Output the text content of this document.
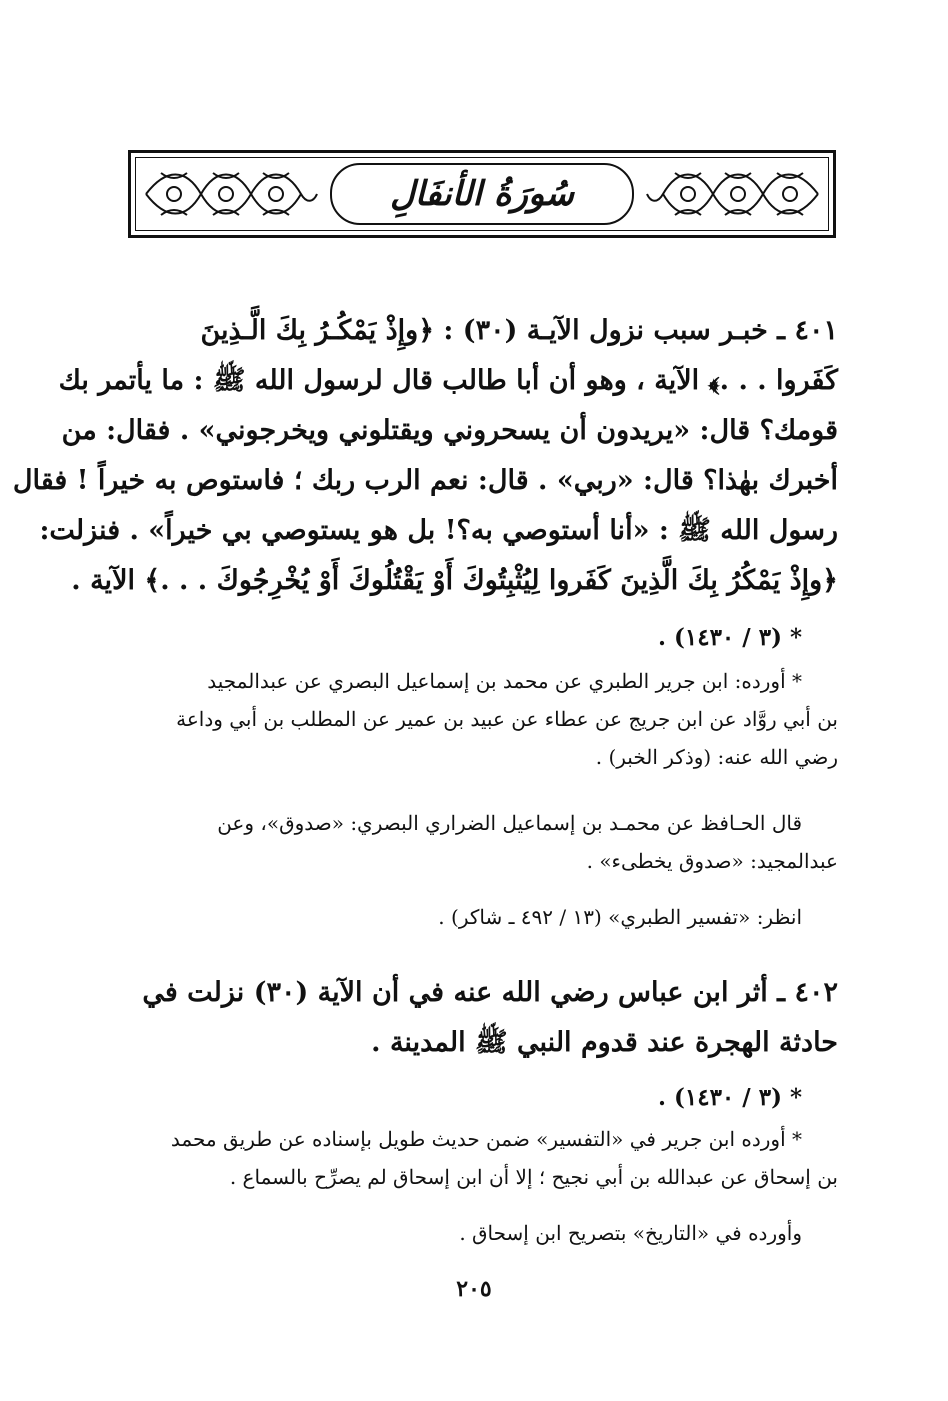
سُورَةُ الأنفَالِ
٤٠١ ـ خبـر سبب نزول الآيـة (٣٠) : ﴿وإِذْ يَمْكُـرُ بِكَ الَّـذِينَ
كَفَروا . . .﴾ الآية ، وهو أن أبا طالب قال لرسول الله ﷺ : ما يأتمر بك
قومك؟ قال: «يريدون أن يسحروني ويقتلوني ويخرجوني» . فقال: من
أخبرك بهٰذا؟ قال: «ربي» . قال: نعم الرب ربك ؛ فاستوص به خيراً ! فقال
رسول الله ﷺ : «أنا أستوصي به؟! بل هو يستوصي بي خيراً» . فنزلت:
﴿وإِذْ يَمْكُرُ بِكَ الَّذِينَ كَفَروا لِيُثْبِتُوكَ أَوْ يَقْتُلُوكَ أَوْ يُخْرِجُوكَ . . .﴾ الآية .
* (٣ / ١٤٣٠) .
* أورده: ابن جرير الطبري عن محمد بن إسماعيل البصري عن عبدالمجيد
بن أبي روَّاد عن ابن جريج عن عطاء عن عبيد بن عمير عن المطلب بن أبي وداعة
رضي الله عنه: (وذكر الخبر) .
قال الحـافظ عن محمـد بن إسماعيل الضراري البصري: «صدوق»، وعن
عبدالمجيد: «صدوق يخطىء» .
انظر: «تفسير الطبري» (١٣ / ٤٩٢ ـ شاكر) .
٤٠٢ ـ أثر ابن عباس رضي الله عنه في أن الآية (٣٠) نزلت في
حادثة الهجرة عند قدوم النبي ﷺ المدينة .
* (٣ / ١٤٣٠) .
* أورده ابن جرير في «التفسير» ضمن حديث طويل بإسناده عن طريق محمد
بن إسحاق عن عبدالله بن أبي نجيح ؛ إلا أن ابن إسحاق لم يصرِّح بالسماع .
وأورده في «التاريخ» بتصريح ابن إسحاق .
٢٠٥
